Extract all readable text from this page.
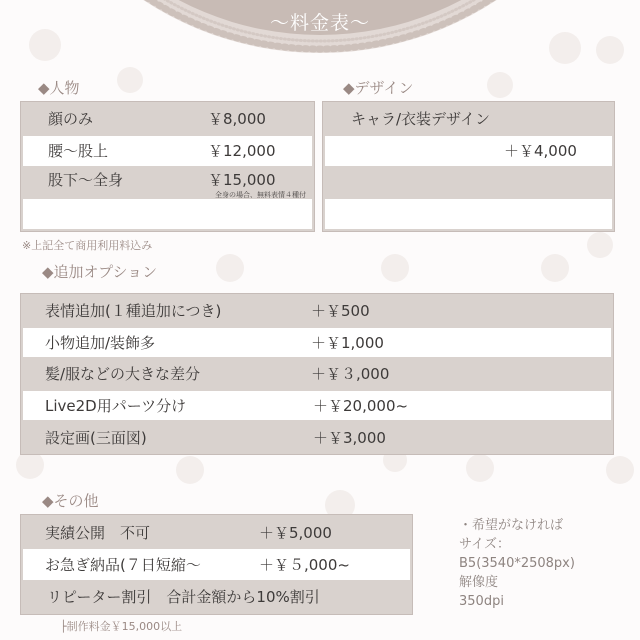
～料金表～
◆人物
顔のみ	￥8,000
腰～股上	￥12,000
股下～全身	￥15,000
全身の場合、無料表情４種付
◆デザイン
キャラ/衣装デザイン
＋￥4,000
※上記全て商用利用料込み
◆追加オプション
表情追加(１種追加につき)	＋￥500
小物追加/装飾多	＋￥1,000
髪/服などの大きな差分	＋￥３,000
Live2D用パーツ分け	＋￥20,000~
設定画(三面図)	＋￥3,000
◆その他
実績公開　不可	＋￥5,000
お急ぎ納品(７日短縮～	＋￥５,000~
リピーター割引　合計金額から10%割引
├制作料金￥15,000以上
・希望がなければ
サイズ：
B5(3540*2508px)
解像度
350dpi
